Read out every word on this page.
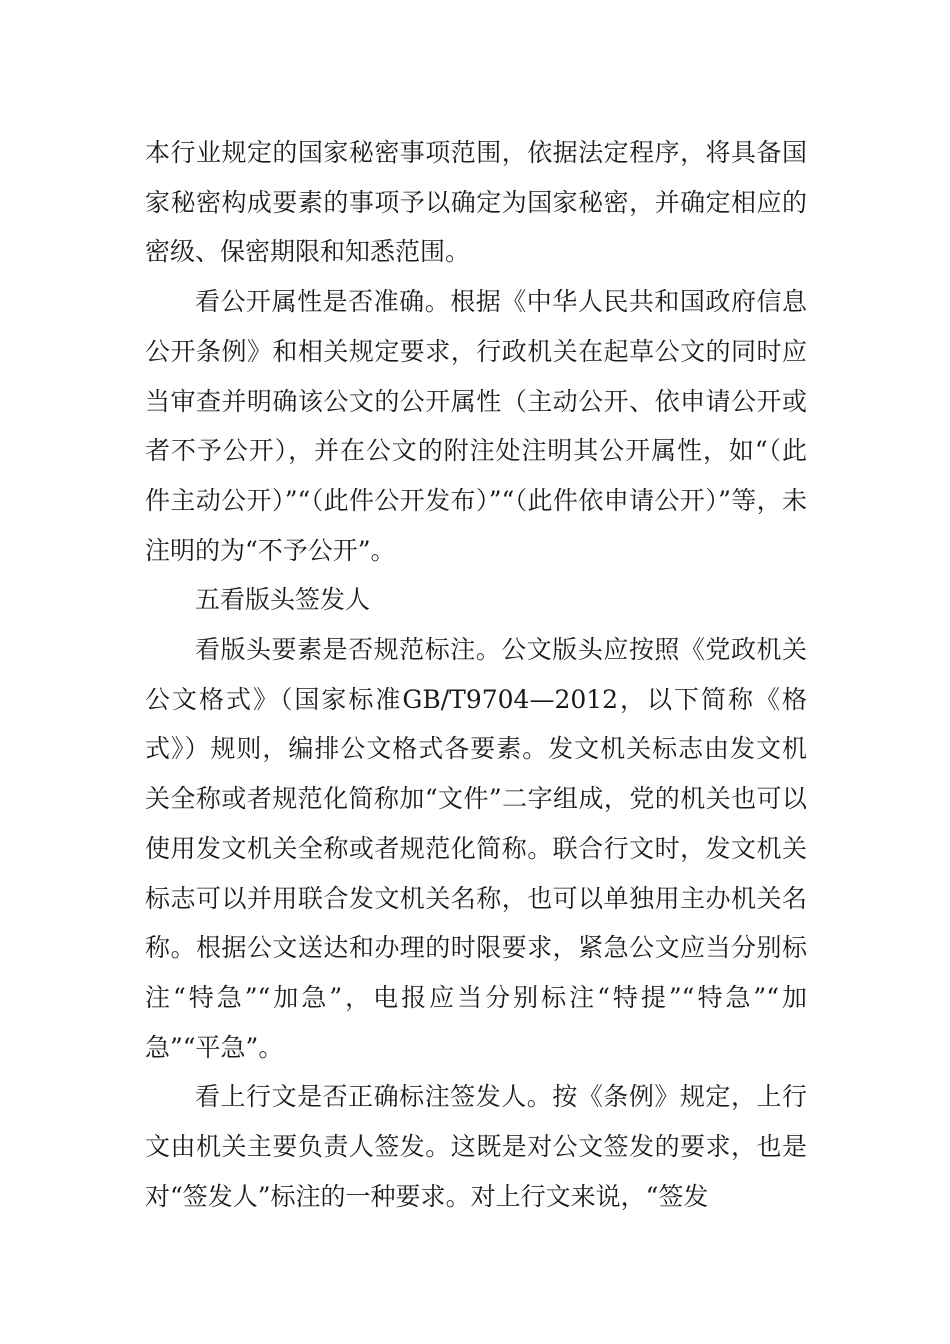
本行业规定的国家秘密事项范围，依据法定程序，将具备国家秘密构成要素的事项予以确定为国家秘密，并确定相应的密级、保密期限和知悉范围。

看公开属性是否准确。根据《中华人民共和国政府信息公开条例》和相关规定要求，行政机关在起草公文的同时应当审查并明确该公文的公开属性（主动公开、依申请公开或者不予公开），并在公文的附注处注明其公开属性，如“（此件主动公开）”“（此件公开发布）”“（此件依申请公开）”等，未注明的为“不予公开”。

五看版头签发人

看版头要素是否规范标注。公文版头应按照《党政机关公文格式》（国家标准GB/T9704—2012，以下简称《格式》）规则，编排公文格式各要素。发文机关标志由发文机关全称或者规范化简称加“文件”二字组成，党的机关也可以使用发文机关全称或者规范化简称。联合行文时，发文机关标志可以并用联合发文机关名称，也可以单独用主办机关名称。根据公文送达和办理的时限要求，紧急公文应当分别标注“特急”“加急”，电报应当分别标注“特提”“特急”“加急”“平急”。

看上行文是否正确标注签发人。按《条例》规定，上行文由机关主要负责人签发。这既是对公文签发的要求，也是对“签发人”标注的一种要求。对上行文来说，“签发
